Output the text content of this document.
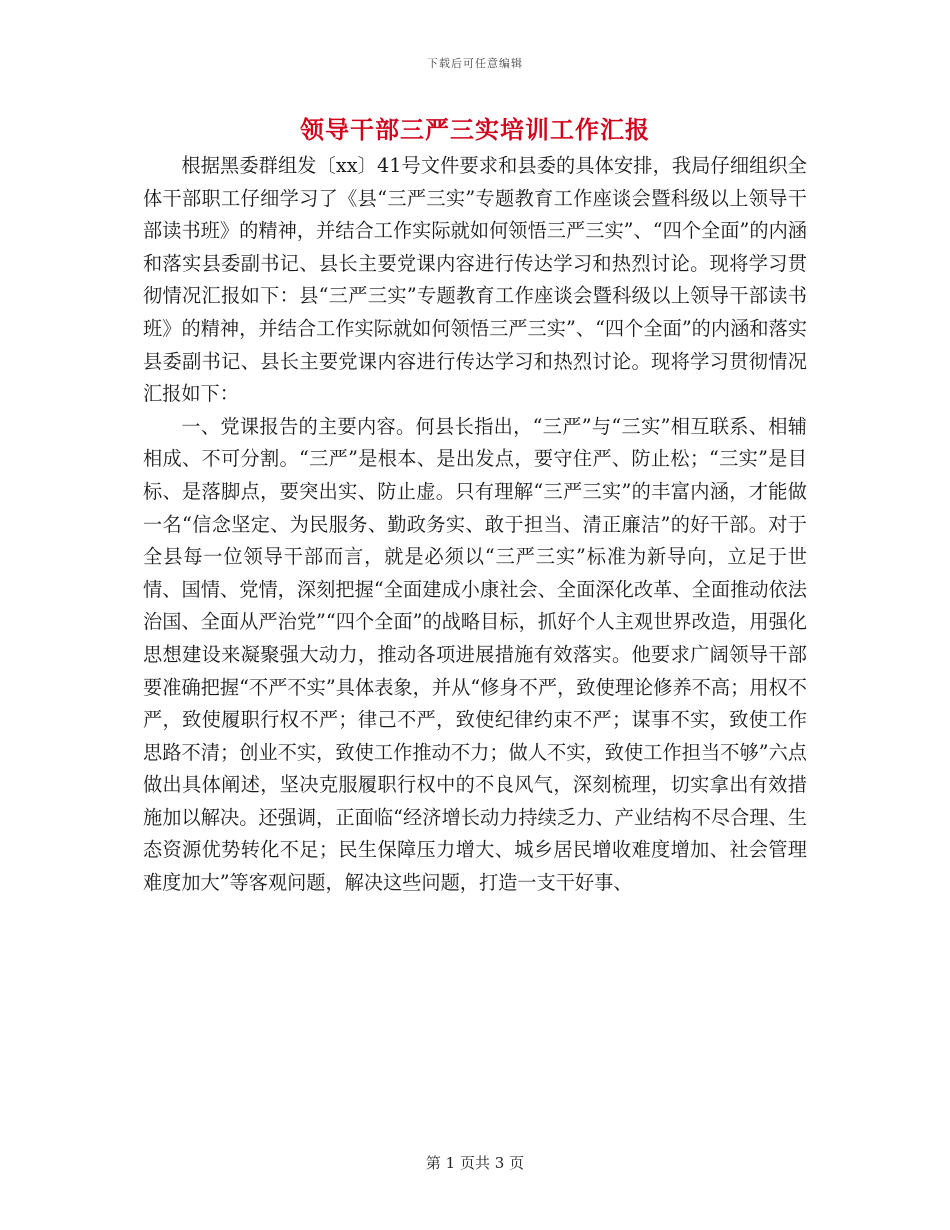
下载后可任意编辑
领导干部三严三实培训工作汇报

根据黑委群组发〔xx〕41号文件要求和县委的具体安排，我局仔细组织全体干部职工仔细学习了《县“三严三实”专题教育工作座谈会暨科级以上领导干部读书班》的精神，并结合工作实际就如何领悟三严三实”、“四个全面”的内涵和落实县委副书记、县长主要党课内容进行传达学习和热烈讨论。现将学习贯彻情况汇报如下：县“三严三实”专题教育工作座谈会暨科级以上领导干部读书班》的精神，并结合工作实际就如何领悟三严三实”、“四个全面”的内涵和落实县委副书记、县长主要党课内容进行传达学习和热烈讨论。现将学习贯彻情况汇报如下：

一、党课报告的主要内容。何县长指出，“三严”与“三实”相互联系、相辅相成、不可分割。“三严”是根本、是出发点，要守住严、防止松；“三实”是目标、是落脚点，要突出实、防止虚。只有理解“三严三实”的丰富内涵，才能做一名“信念坚定、为民服务、勤政务实、敢于担当、清正廉洁”的好干部。对于全县每一位领导干部而言，就是必须以“三严三实”标准为新导向，立足于世情、国情、党情，深刻把握“全面建成小康社会、全面深化改革、全面推动依法治国、全面从严治党”“四个全面”的战略目标，抓好个人主观世界改造，用强化思想建设来凝聚强大动力，推动各项进展措施有效落实。他要求广阔领导干部要准确把握“不严不实”具体表象，并从“修身不严，致使理论修养不高；用权不严，致使履职行权不严；律己不严，致使纪律约束不严；谋事不实，致使工作思路不清；创业不实，致使工作推动不力；做人不实，致使工作担当不够”六点做出具体阐述，坚决克服履职行权中的不良风气，深刻梳理，切实拿出有效措施加以解决。还强调，正面临“经济增长动力持续乏力、产业结构不尽合理、生态资源优势转化不足；民生保障压力增大、城乡居民增收难度增加、社会管理难度加大”等客观问题，解决这些问题，打造一支干好事、

第 1 页共 3 页
